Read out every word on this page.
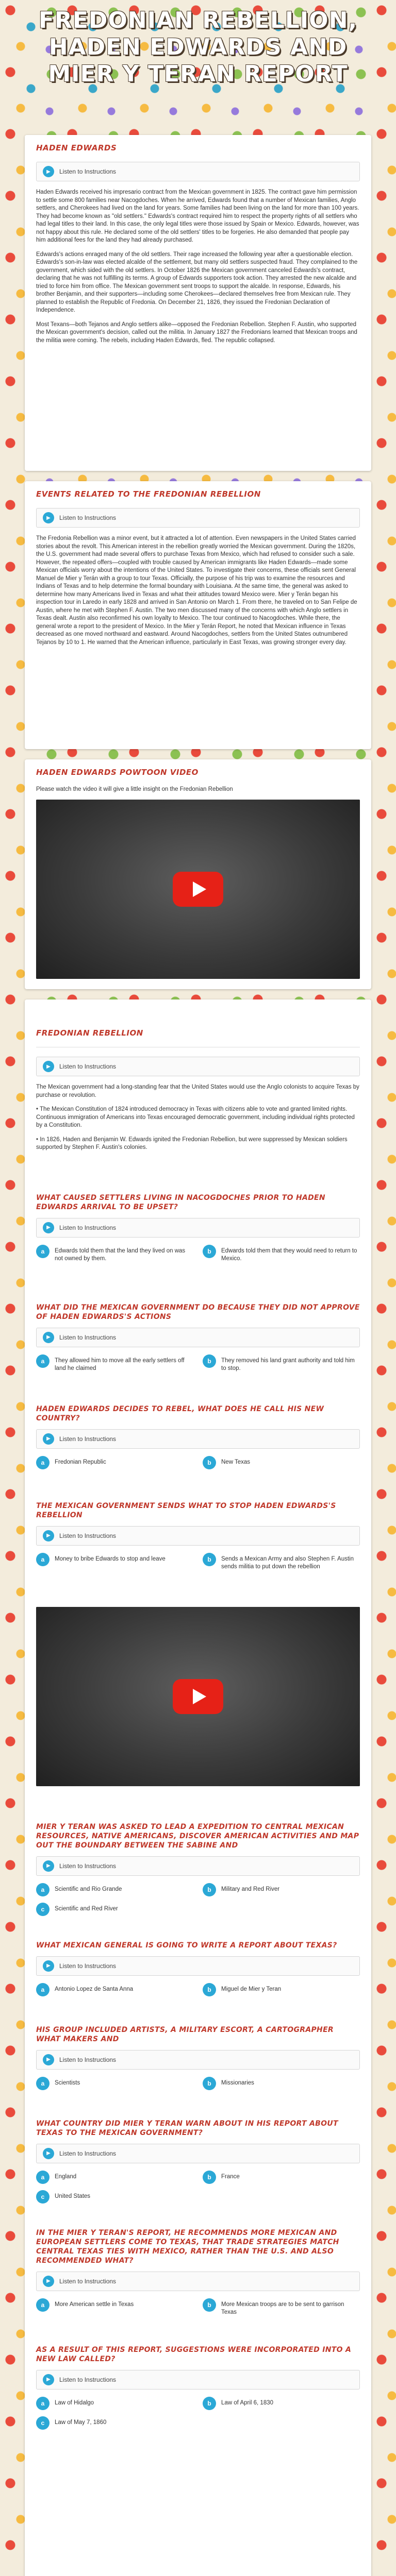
FREDONIAN REBELLION, HADEN EDWARDS AND MIER Y TERAN REPORT
HADEN EDWARDS
▶	Listen to Instructions

Haden Edwards received his impresario contract from the Mexican government in 1825. The contract gave him permission to settle some 800 families near Nacogdoches. When he arrived, Edwards found that a number of Mexican families, Anglo settlers, and Cherokees had lived on the land for years. Some families had been living on the land for more than 100 years. They had become known as "old settlers." Edwards's contract required him to respect the property rights of all settlers who had legal titles to their land. In this case, the only legal titles were those issued by Spain or Mexico. Edwards, however, was not happy about this rule. He declared some of the old settlers' titles to be forgeries. He also demanded that people pay him additional fees for the land they had already purchased.

Edwards's actions enraged many of the old settlers. Their rage increased the following year after a questionable election. Edwards's son-in-law was elected alcalde of the settlement, but many old settlers suspected fraud. They complained to the government, which sided with the old settlers. In October 1826 the Mexican government canceled Edwards's contract, declaring that he was not fulfilling its terms. A group of Edwards supporters took action. They arrested the new alcalde and tried to force him from office. The Mexican government sent troops to support the alcalde. In response, Edwards, his brother Benjamin, and their supporters—including some Cherokees—declared themselves free from Mexican rule. They planned to establish the Republic of Fredonia. On December 21, 1826, they issued the Fredonian Declaration of Independence.

Most Texans—both Tejanos and Anglo settlers alike—opposed the Fredonian Rebellion. Stephen F. Austin, who supported the Mexican government's decision, called out the militia. In January 1827 the Fredonians learned that Mexican troops and the militia were coming. The rebels, including Haden Edwards, fled. The republic collapsed.

EVENTS RELATED TO THE FREDONIAN REBELLION
▶	Listen to Instructions

The Fredonia Rebellion was a minor event, but it attracted a lot of attention. Even newspapers in the United States carried stories about the revolt. This American interest in the rebellion greatly worried the Mexican government. During the 1820s, the U.S. government had made several offers to purchase Texas from Mexico, which had refused to consider such a sale. However, the repeated offers—coupled with trouble caused by American immigrants like Haden Edwards—made some Mexican officials worry about the intentions of the United States. To investigate their concerns, these officials sent General Manuel de Mier y Terán with a group to tour Texas. Officially, the purpose of his trip was to examine the resources and Indians of Texas and to help determine the formal boundary with Louisiana. At the same time, the general was asked to determine how many Americans lived in Texas and what their attitudes toward Mexico were. Mier y Terán began his inspection tour in Laredo in early 1828 and arrived in San Antonio on March 1. From there, he traveled on to San Felipe de Austin, where he met with Stephen F. Austin. The two men discussed many of the concerns with which Anglo settlers in Texas dealt. Austin also reconfirmed his own loyalty to Mexico. The tour continued to Nacogdoches. While there, the general wrote a report to the president of Mexico. In the Mier y Terán Report, he noted that Mexican influence in Texas decreased as one moved northward and eastward. Around Nacogdoches, settlers from the United States outnumbered Tejanos by 10 to 1. He warned that the American influence, particularly in East Texas, was growing stronger every day.

HADEN EDWARDS POWTOON VIDEO
Please watch the video it will give a little insight on the Fredonian Rebellion
FREDONIAN REBELLION
▶	Listen to Instructions

The Mexican government had a long-standing fear that the United States would use the Anglo colonists to acquire Texas by purchase or revolution.

• The Mexican Constitution of 1824 introduced democracy in Texas with citizens able to vote and granted limited rights. Continuous immigration of Americans into Texas encouraged democratic government, including individual rights protected by a Constitution.

• In 1826, Haden and Benjamin W. Edwards ignited the Fredonian Rebellion, but were suppressed by Mexican soldiers supported by Stephen F. Austin's colonies.

WHAT CAUSED SETTLERS LIVING IN NACOGDOCHES PRIOR TO HADEN EDWARDS ARRIVAL TO BE UPSET?
▶	Listen to Instructions
a	Edwards told them that the land they lived on was not owned by them.
b	Edwards told them that they would need to return to Mexico.
WHAT DID THE MEXICAN GOVERNMENT DO BECAUSE THEY DID NOT APPROVE OF HADEN EDWARDS'S ACTIONS
▶	Listen to Instructions
a	They allowed him to move all the early settlers off land he claimed
b	They removed his land grant authority and told him to stop.
HADEN EDWARDS DECIDES TO REBEL, WHAT DOES HE CALL HIS NEW COUNTRY?
▶	Listen to Instructions
a	Fredonian Republic	b	New Texas
THE MEXICAN GOVERNMENT SENDS WHAT TO STOP HADEN EDWARDS'S REBELLION
▶	Listen to Instructions
a	Money to bribe Edwards to stop and leave	b	Sends a Mexican Army and also Stephen F. Austin sends militia to put down the rebellion
MIER Y TERAN WAS ASKED TO LEAD A EXPEDITION TO CENTRAL MEXICAN RESOURCES, NATIVE AMERICANS, DISCOVER AMERICAN ACTIVITIES AND MAP OUT THE BOUNDARY BETWEEN THE SABINE AND
▶	Listen to Instructions
a	Scientific and Rio Grande	b	Military and Red River
c	Scientific and Red River
WHAT MEXICAN GENERAL IS GOING TO WRITE A REPORT ABOUT TEXAS?
▶	Listen to Instructions
a	Antonio Lopez de Santa Anna	b	Miguel de Mier y Teran
HIS GROUP INCLUDED ARTISTS, A MILITARY ESCORT, A CARTOGRAPHER WHAT MAKERS AND
▶	Listen to Instructions
a	Scientists	b	Missionaries
WHAT COUNTRY DID MIER Y TERAN WARN ABOUT IN HIS REPORT ABOUT TEXAS TO THE MEXICAN GOVERNMENT?
▶	Listen to Instructions
a	England	b	France
c	United States
IN THE MIER Y TERAN'S REPORT, HE RECOMMENDS MORE MEXICAN AND EUROPEAN SETTLERS COME TO TEXAS, THAT TRADE STRATEGIES MATCH CENTRAL TEXAS TIES WITH MEXICO, RATHER THAN THE U.S. AND ALSO RECOMMENDED WHAT?
▶	Listen to Instructions
a	More American settle in Texas	b	More Mexican troops are to be sent to garrison Texas
AS A RESULT OF THIS REPORT, SUGGESTIONS WERE INCORPORATED INTO A NEW LAW CALLED?
▶	Listen to Instructions
a	Law of Hidalgo	b	Law of April 6, 1830
c	Law of May 7, 1860
